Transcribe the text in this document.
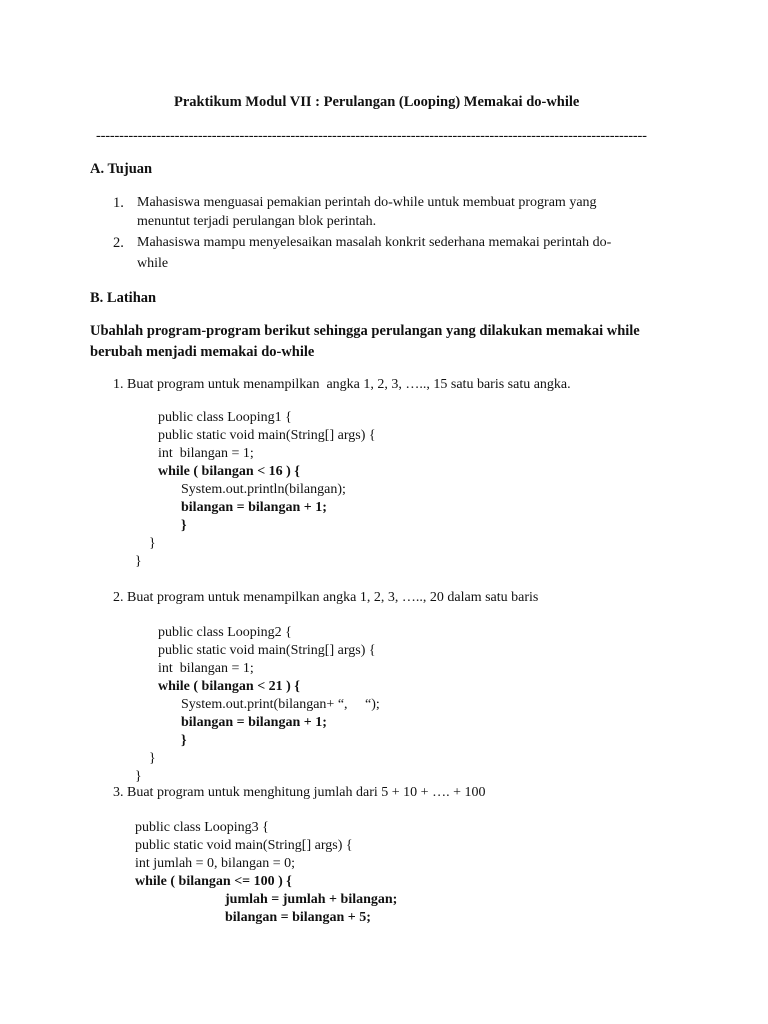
Praktikum Modul VII : Perulangan (Looping) Memakai do-while
-----------------------------------------------------------------------------------------------------------------------
A. Tujuan
1. Mahasiswa menguasai pemakian perintah do-while untuk membuat program yang
menuntut terjadi perulangan blok perintah.
2. Mahasiswa mampu menyelesaikan masalah konkrit sederhana memakai perintah do-
while
B. Latihan
Ubahlah program-program berikut sehingga perulangan yang dilakukan memakai while
berubah menjadi memakai do-while
1. Buat program untuk menampilkan  angka 1, 2, 3, ….., 15 satu baris satu angka.
public class Looping1 {
public static void main(String[] args) {
int  bilangan = 1;
while ( bilangan < 16 ) {
System.out.println(bilangan);
bilangan = bilangan + 1;
}
}
}
2. Buat program untuk menampilkan angka 1, 2, 3, ….., 20 dalam satu baris
public class Looping2 {
public static void main(String[] args) {
int  bilangan = 1;
while ( bilangan < 21 ) {
System.out.print(bilangan+ “,     “);
bilangan = bilangan + 1;
}
}
}
3. Buat program untuk menghitung jumlah dari 5 + 10 + …. + 100
public class Looping3 {
public static void main(String[] args) {
int jumlah = 0, bilangan = 0;
while ( bilangan <= 100 ) {
jumlah = jumlah + bilangan;
bilangan = bilangan + 5;
